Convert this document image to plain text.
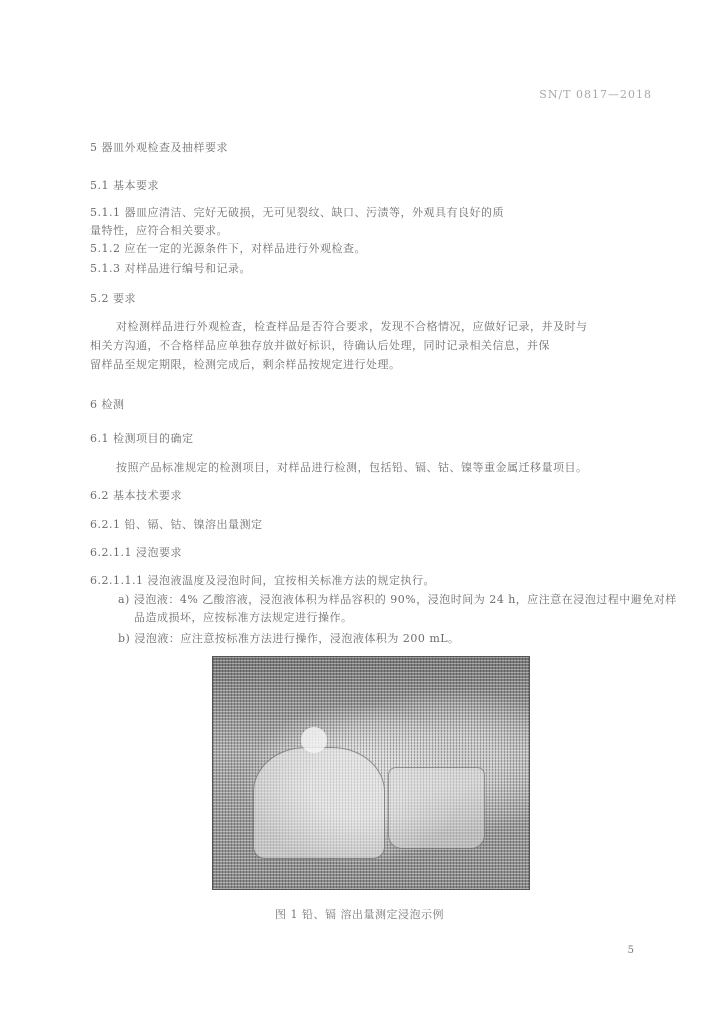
SN/T 0817—2018
5 器皿外观检查及抽样要求
5.1 基本要求
5.1.1 器皿应清洁、完好无破损，无可见裂纹、缺口、污渍等，外观具有良好的质
量特性，应符合相关要求。
5.1.2 应在一定的光源条件下，对样品进行外观检查。
5.1.3 对样品进行编号和记录。
5.2 要求
对检测样品进行外观检查，检查样品是否符合要求，发现不合格情况，应做好记录，并及时与
相关方沟通，不合格样品应单独存放并做好标识，待确认后处理，同时记录相关信息，并保
留样品至规定期限，检测完成后，剩余样品按规定进行处理。
6 检测
6.1 检测项目的确定
按照产品标准规定的检测项目，对样品进行检测，包括铅、镉、钴、镍等重金属迁移量项目。
6.2 基本技术要求
6.2.1 铅、镉、钴、镍溶出量测定
6.2.1.1 浸泡要求
6.2.1.1.1 浸泡液温度及浸泡时间，宜按相关标准方法的规定执行。
a) 浸泡液：4% 乙酸溶液，浸泡液体积为样品容积的 90%，浸泡时间为 24 h，应注意在浸泡过程中避免对样
品造成损坏，应按标准方法规定进行操作。
b) 浸泡液：应注意按标准方法进行操作，浸泡液体积为 200 mL。
图 1 铅、镉 溶出量测定浸泡示例
5
